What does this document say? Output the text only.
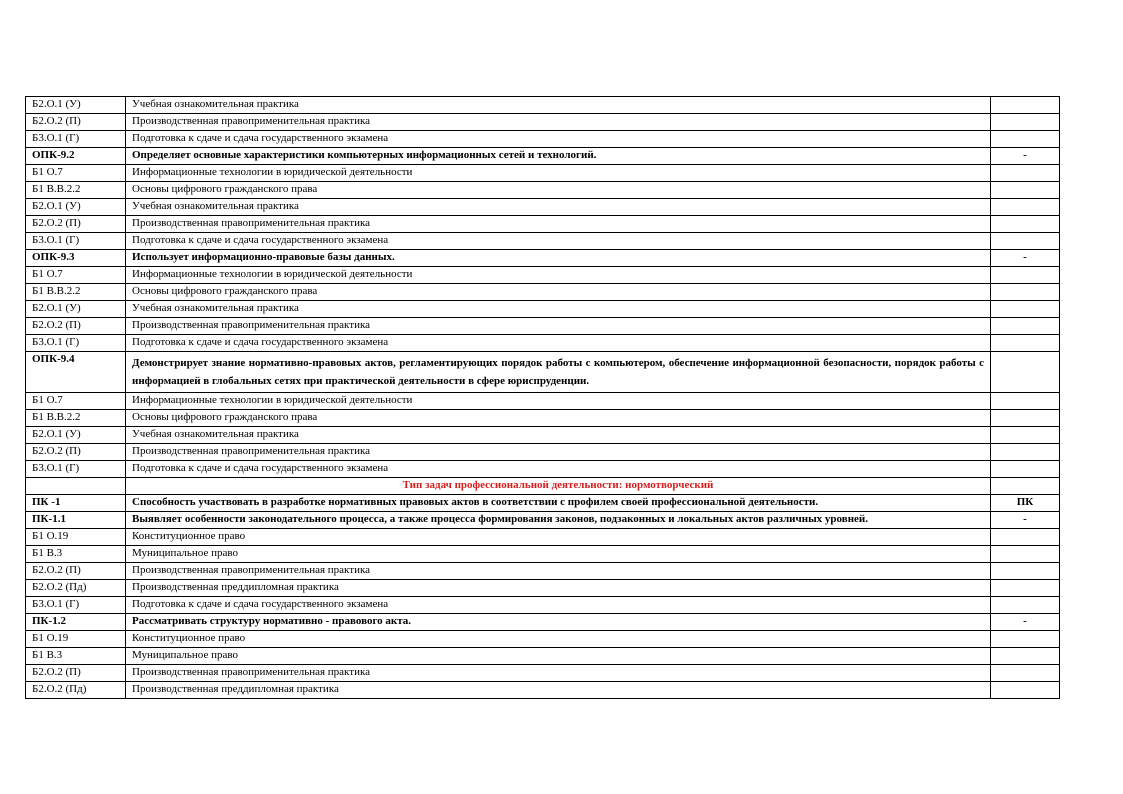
Б2.О.1 (У)	Учебная ознакомительная практика	
Б2.О.2 (П)	Производственная правоприменительная практика	
Б3.О.1 (Г)	Подготовка к сдаче и сдача государственного экзамена	
ОПК-9.2	Определяет основные характеристики компьютерных информационных сетей и технологий.	-
Б1 О.7	Информационные технологии в юридической деятельности	
Б1 В.В.2.2	Основы цифрового гражданского права	
Б2.О.1 (У)	Учебная ознакомительная практика	
Б2.О.2 (П)	Производственная правоприменительная практика	
Б3.О.1 (Г)	Подготовка к сдаче и сдача государственного экзамена	
ОПК-9.3	Использует информационно-правовые базы данных.	-
Б1 О.7	Информационные технологии в юридической деятельности	
Б1 В.В.2.2	Основы цифрового гражданского права	
Б2.О.1 (У)	Учебная ознакомительная практика	
Б2.О.2 (П)	Производственная правоприменительная практика	
Б3.О.1 (Г)	Подготовка к сдаче и сдача государственного экзамена	
ОПК-9.4	Демонстрирует знание нормативно-правовых актов, регламентирующих порядок работы с компьютером, обеспечение информационной безопасности, порядок работы с информацией в глобальных сетях при практической деятельности в сфере юриспруденции.	
Б1 О.7	Информационные технологии в юридической деятельности	
Б1 В.В.2.2	Основы цифрового гражданского права	
Б2.О.1 (У)	Учебная ознакомительная практика	
Б2.О.2 (П)	Производственная правоприменительная практика	
Б3.О.1 (Г)	Подготовка к сдаче и сдача государственного экзамена	
	Тип задач профессиональной деятельности: нормотворческий	
ПК -1	Способность участвовать в разработке нормативных правовых актов в соответствии с профилем своей профессиональной деятельности.	ПК
ПК-1.1	Выявляет особенности законодательного процесса, а также процесса формирования законов, подзаконных и локальных актов различных уровней.	-
Б1 О.19	Конституционное право	
Б1 В.3	Муниципальное право	
Б2.О.2 (П)	Производственная правоприменительная практика	
Б2.О.2 (Пд)	Производственная преддипломная практика	
Б3.О.1 (Г)	Подготовка к сдаче и сдача государственного экзамена	
ПК-1.2	Рассматривать структуру нормативно - правового акта.	-
Б1 О.19	Конституционное право	
Б1 В.3	Муниципальное право	
Б2.О.2 (П)	Производственная правоприменительная практика	
Б2.О.2 (Пд)	Производственная преддипломная практика	
